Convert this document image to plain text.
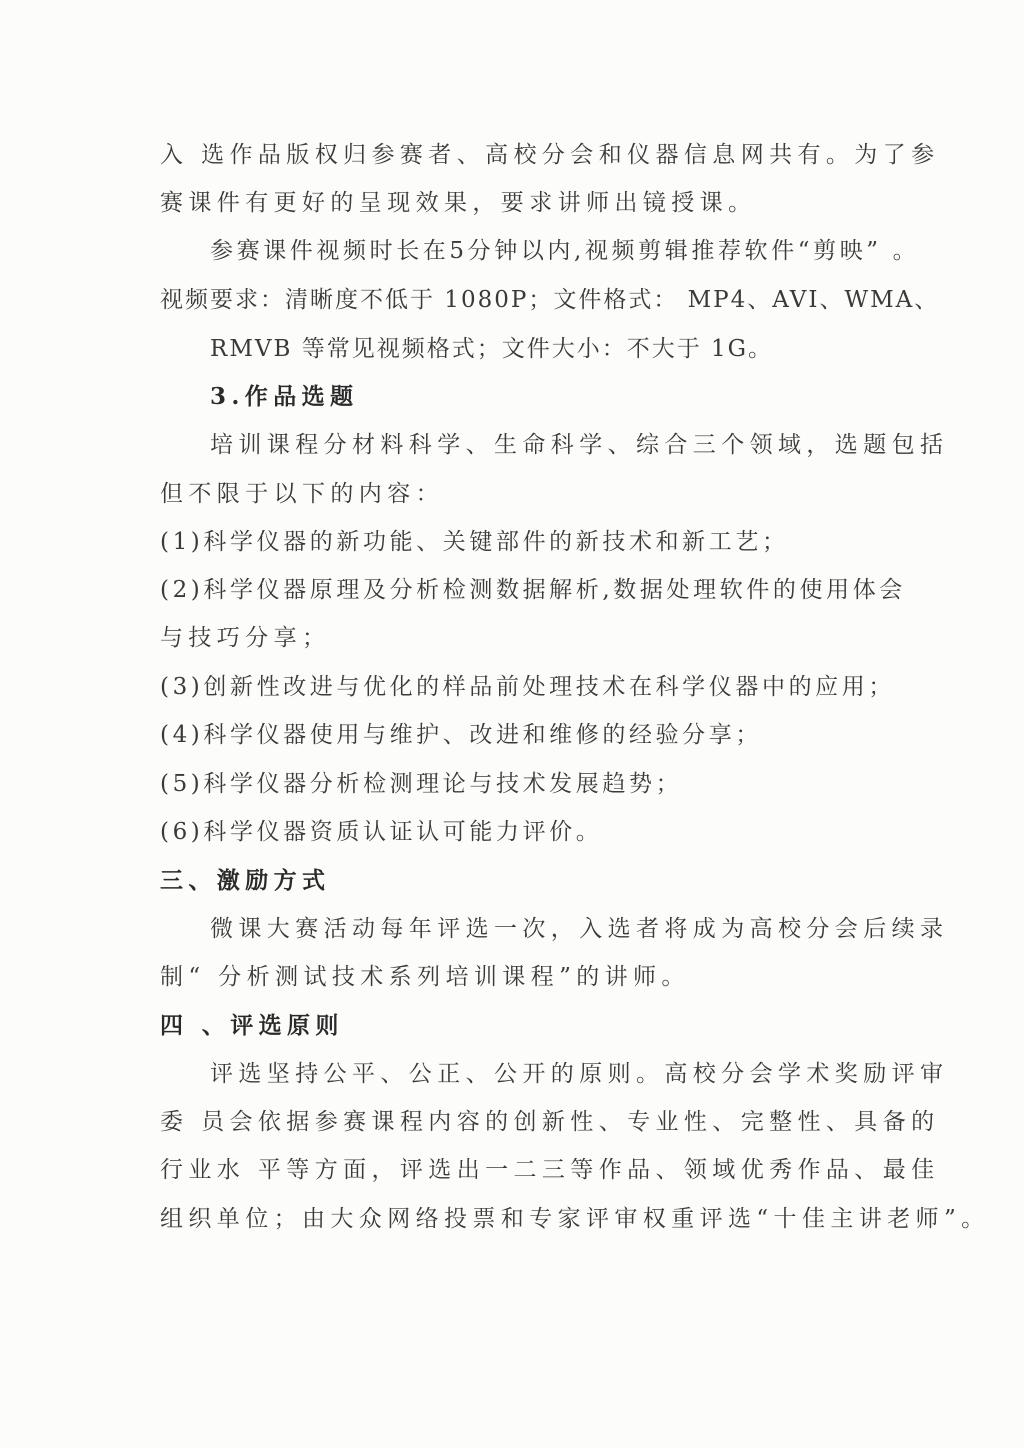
入 选作品版权归参赛者、高校分会和仪器信息网共有。为了参
赛课件有更好的呈现效果，要求讲师出镜授课。
参赛课件视频时长在5分钟以内,视频剪辑推荐软件“剪映” 。
视频要求：清晰度不低于 1080P；文件格式： MP4、AVI、WMA、
RMVB 等常见视频格式；文件大小：不大于 1G。
3.作品选题
培训课程分材料科学、生命科学、综合三个领域，选题包括
但不限于以下的内容：
(1)科学仪器的新功能、关键部件的新技术和新工艺；
(2)科学仪器原理及分析检测数据解析,数据处理软件的使用体会
与技巧分享；
(3)创新性改进与优化的样品前处理技术在科学仪器中的应用；
(4)科学仪器使用与维护、改进和维修的经验分享；
(5)科学仪器分析检测理论与技术发展趋势；
(6)科学仪器资质认证认可能力评价。
三、激励方式
微课大赛活动每年评选一次，入选者将成为高校分会后续录
制“ 分析测试技术系列培训课程”的讲师。
四 、评选原则
评选坚持公平、公正、公开的原则。高校分会学术奖励评审
委 员会依据参赛课程内容的创新性、专业性、完整性、具备的
行业水 平等方面，评选出一二三等作品、领域优秀作品、最佳
组织单位；由大众网络投票和专家评审权重评选“十佳主讲老师”。
